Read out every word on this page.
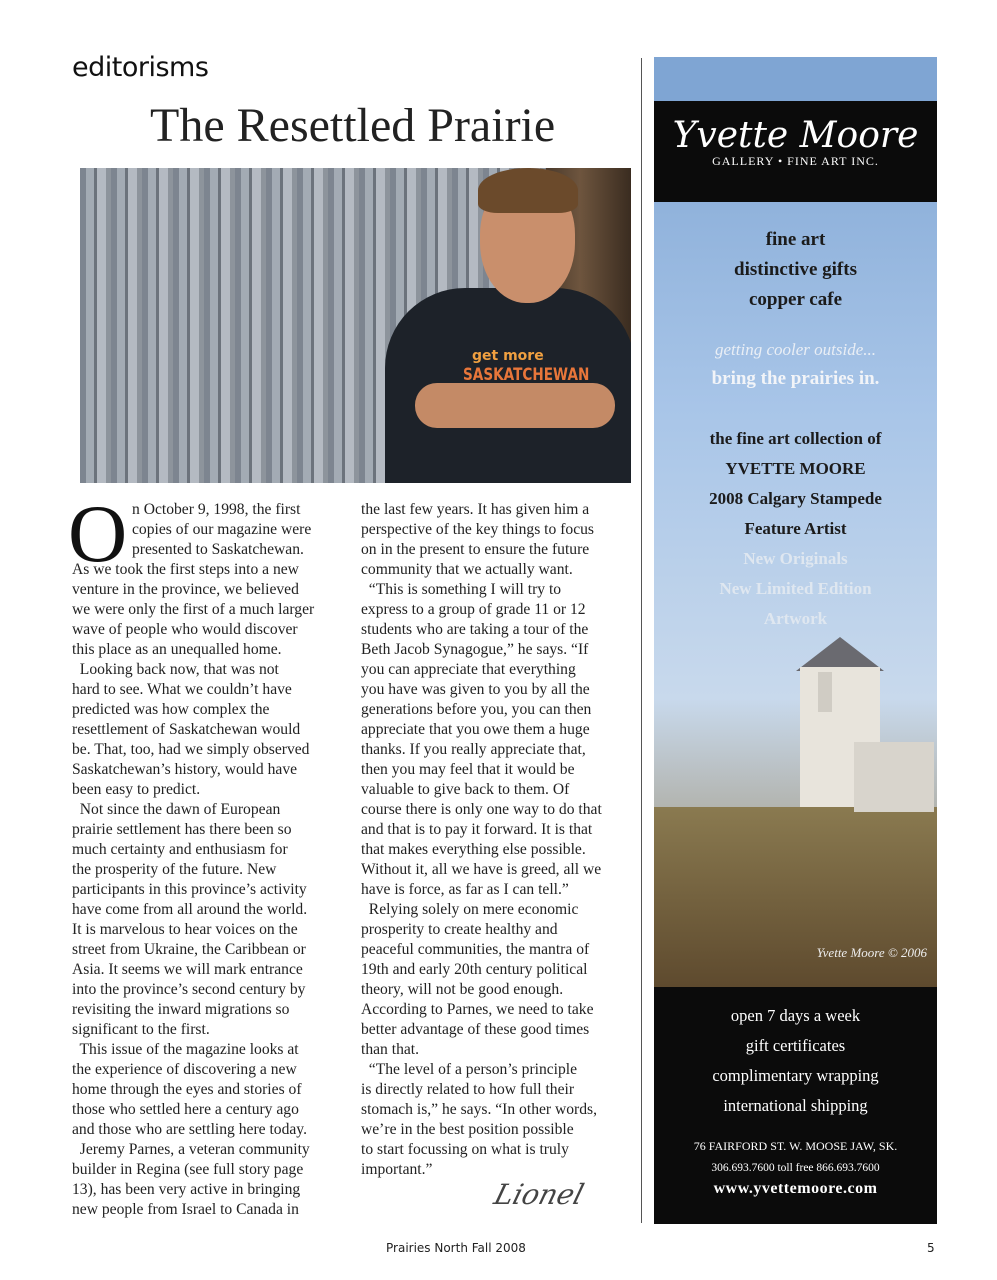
editorisms
The Resettled Prairie
get more
SASKATCHEWAN
O n October 9, 1998, the first
copies of our magazine were
presented to Saskatchewan.
As we took the first steps into a new
venture in the province, we believed
we were only the first of a much larger
wave of people who would discover
this place as an unequalled home.
Looking back now, that was not
hard to see. What we couldn’t have
predicted was how complex the
resettlement of Saskatchewan would
be. That, too, had we simply observed
Saskatchewan’s history, would have
been easy to predict.
Not since the dawn of European
prairie settlement has there been so
much certainty and enthusiasm for
the prosperity of the future. New
participants in this province’s activity
have come from all around the world.
It is marvelous to hear voices on the
street from Ukraine, the Caribbean or
Asia. It seems we will mark entrance
into the province’s second century by
revisiting the inward migrations so
significant to the first.
This issue of the magazine looks at
the experience of discovering a new
home through the eyes and stories of
those who settled here a century ago
and those who are settling here today.
Jeremy Parnes, a veteran community
builder in Regina (see full story page
13), has been very active in bringing
new people from Israel to Canada in
the last few years. It has given him a
perspective of the key things to focus
on in the present to ensure the future
community that we actually want.
“This is something I will try to
express to a group of grade 11 or 12
students who are taking a tour of the
Beth Jacob Synagogue,” he says. “If
you can appreciate that everything
you have was given to you by all the
generations before you, you can then
appreciate that you owe them a huge
thanks. If you really appreciate that,
then you may feel that it would be
valuable to give back to them. Of
course there is only one way to do that
and that is to pay it forward. It is that
that makes everything else possible.
Without it, all we have is greed, all we
have is force, as far as I can tell.”
Relying solely on mere economic
prosperity to create healthy and
peaceful communities, the mantra of
19th and early 20th century political
theory, will not be good enough.
According to Parnes, we need to take
better advantage of these good times
than that.
“The level of a person’s principle
is directly related to how full their
stomach is,” he says. “In other words,
we’re in the best position possible
to start focussing on what is truly
important.”
Lionel
Yvette Moore
GALLERY • FINE ART INC.
fine art
distinctive gifts
copper cafe
getting cooler outside...
bring the prairies in.
the fine art collection of
YVETTE MOORE
2008 Calgary Stampede
Feature Artist
New Originals
New Limited Edition
Artwork
Yvette Moore © 2006
open 7 days a week
gift certificates
complimentary wrapping
international shipping
76 FAIRFORD ST. W. MOOSE JAW, SK.
306.693.7600 toll free 866.693.7600
www.yvettemoore.com
Prairies North Fall 2008	5
